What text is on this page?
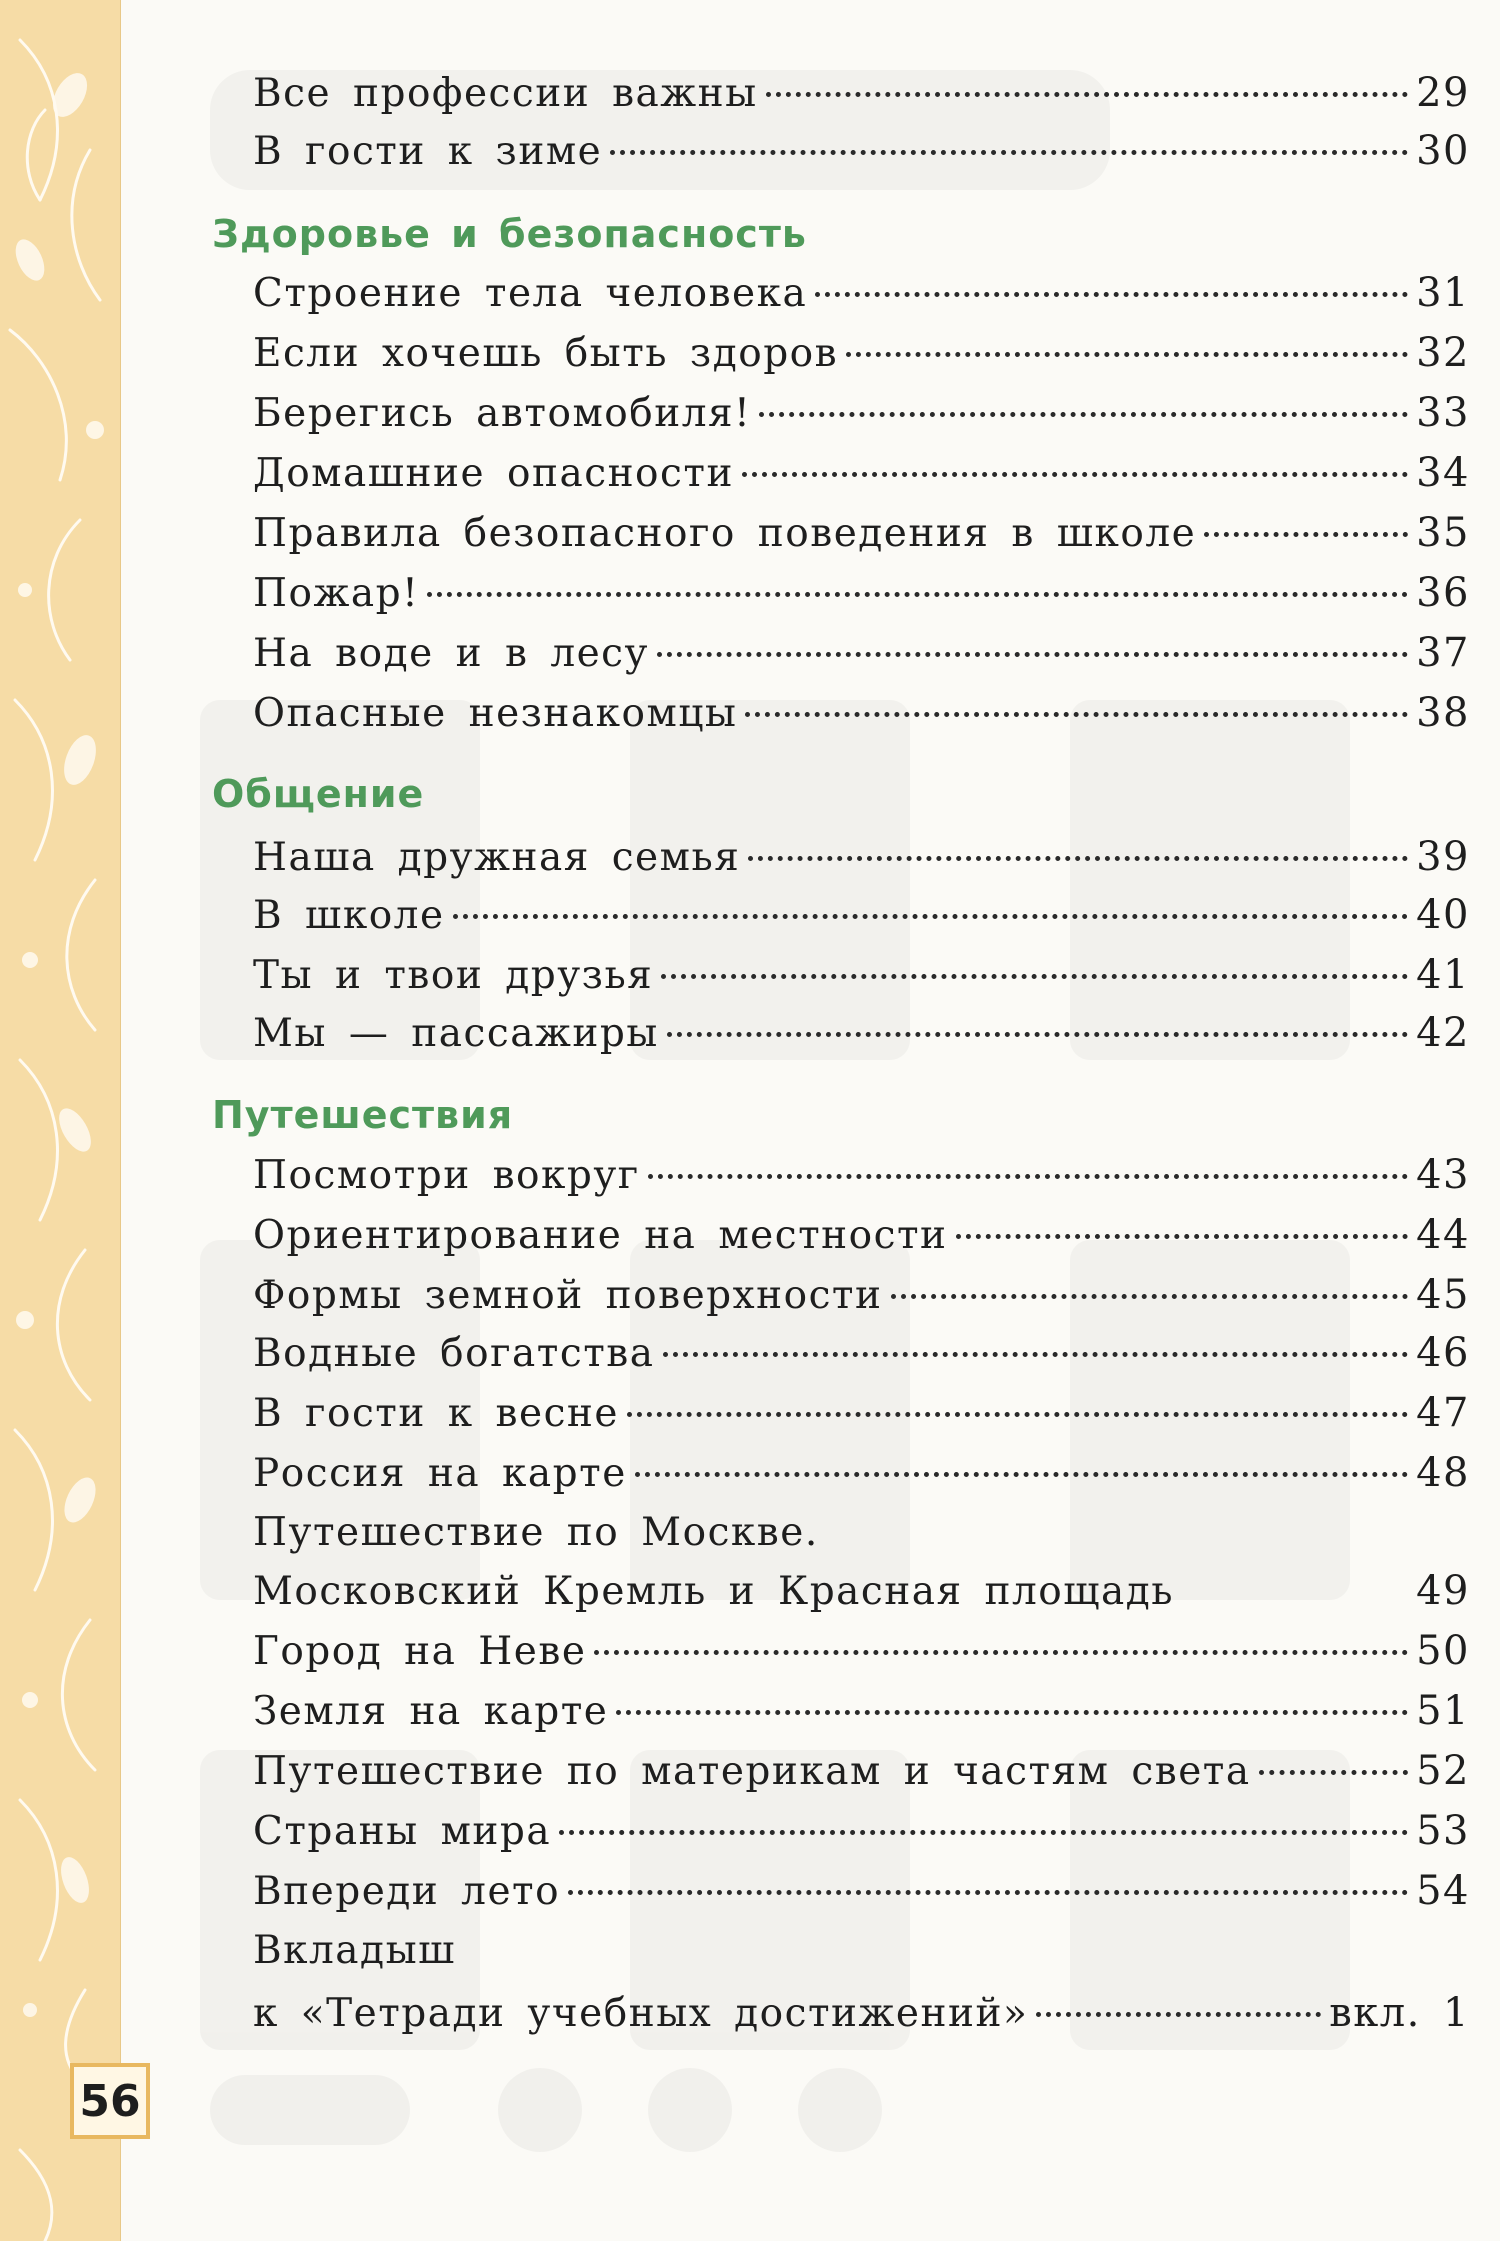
Все профессии важны	29
В гости к зиме	30
Здоровье и безопасность
Строение тела человека	31
Если хочешь быть здоров	32
Берегись автомобиля!	33
Домашние опасности	34
Правила безопасного поведения в школе	35
Пожар!	36
На воде и в лесу	37
Опасные незнакомцы	38
Общение
Наша дружная семья	39
В школе	40
Ты и твои друзья	41
Мы — пассажиры	42
Путешествия
Посмотри вокруг	43
Ориентирование на местности	44
Формы земной поверхности	45
Водные богатства	46
В гости к весне	47
Россия на карте	48
Путешествие по Москве.
Московский Кремль и Красная площадь	49
Город на Неве	50
Земля на карте	51
Путешествие по материкам и частям света	52
Страны мира	53
Впереди лето	54
Вкладыш
к «Тетради учебных достижений»	вкл. 1
56
